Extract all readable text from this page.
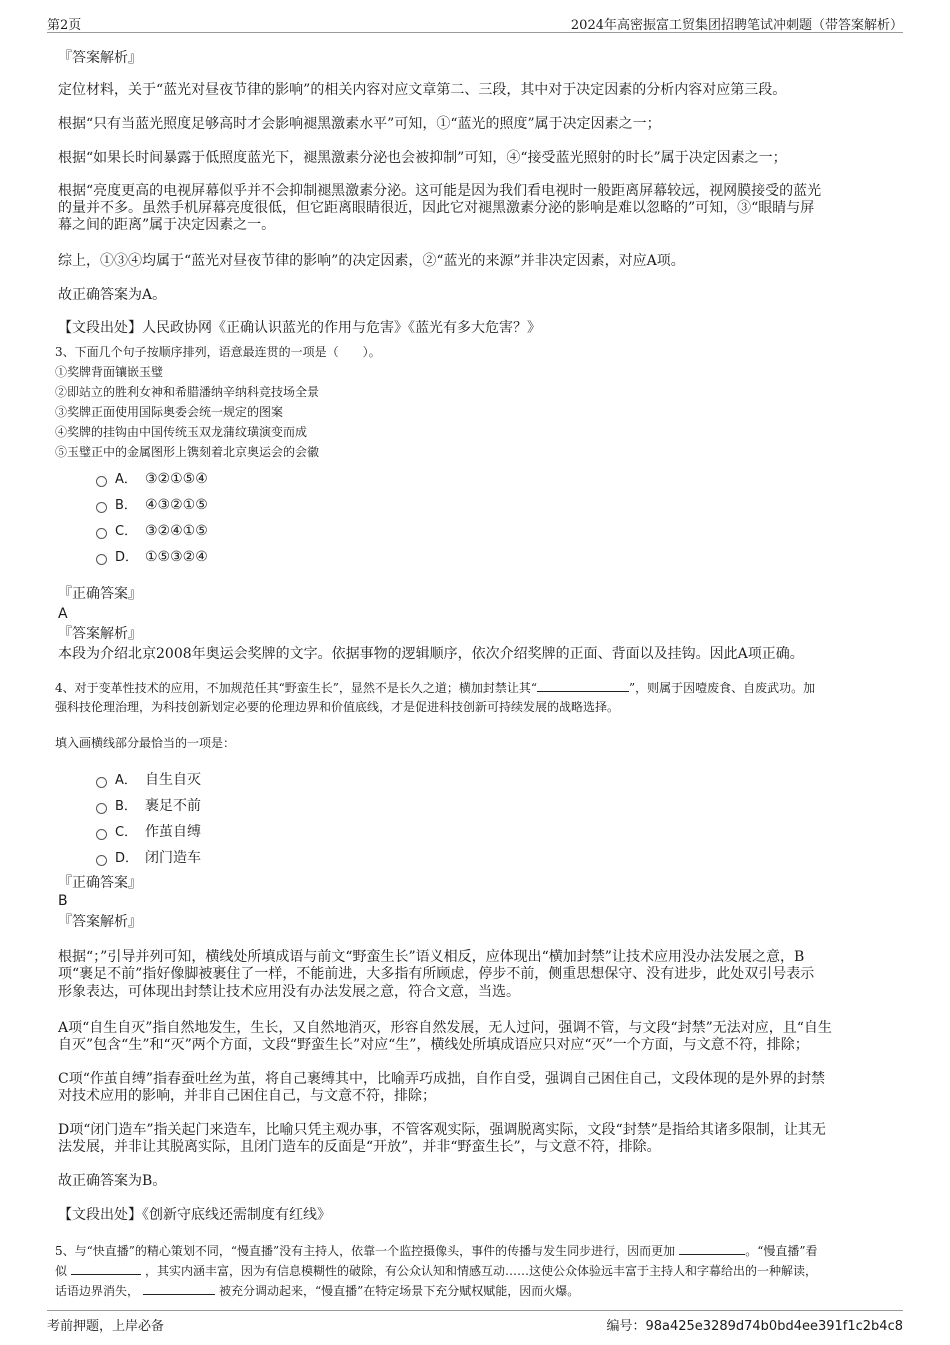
第2页	2024年高密振富工贸集团招聘笔试冲刺题（带答案解析）
『答案解析』
定位材料，关于“蓝光对昼夜节律的影响”的相关内容对应文章第二、三段，其中对于决定因素的分析内容对应第三段。
根据“只有当蓝光照度足够高时才会影响褪黑激素水平”可知，①“蓝光的照度”属于决定因素之一；
根据“如果长时间暴露于低照度蓝光下，褪黑激素分泌也会被抑制”可知，④“接受蓝光照射的时长”属于决定因素之一；
根据“亮度更高的电视屏幕似乎并不会抑制褪黑激素分泌。这可能是因为我们看电视时一般距离屏幕较远，视网膜接受的蓝光
的量并不多。虽然手机屏幕亮度很低，但它距离眼睛很近，因此它对褪黑激素分泌的影响是难以忽略的”可知，③“眼睛与屏
幕之间的距离”属于决定因素之一。
综上，①③④均属于“蓝光对昼夜节律的影响”的决定因素，②“蓝光的来源”并非决定因素，对应A项。
故正确答案为A。
【文段出处】人民政协网《正确认识蓝光的作用与危害》《蓝光有多大危害？》
3、下面几个句子按顺序排列，语意最连贯的一项是（　　）。
①奖牌背面镶嵌玉璧
②即站立的胜利女神和希腊潘纳辛纳科竞技场全景
③奖牌正面使用国际奥委会统一规定的图案
④奖牌的挂钩由中国传统玉双龙蒲纹璜演变而成
⑤玉璧正中的金属图形上镌刻着北京奥运会的会徽
A． ③②①⑤④
B． ④③②①⑤
C． ③②④①⑤
D． ①⑤③②④
『正确答案』
A
『答案解析』
本段为介绍北京2008年奥运会奖牌的文字。依据事物的逻辑顺序，依次介绍奖牌的正面、背面以及挂钩。因此A项正确。
4、对于变革性技术的应用，不加规范任其“野蛮生长”，显然不是长久之道；横加封禁让其“	”，则属于因噎废食、自废武功。加
强科技伦理治理，为科技创新划定必要的伦理边界和价值底线，才是促进科技创新可持续发展的战略选择。
填入画横线部分最恰当的一项是：
A． 自生自灭
B． 裹足不前
C． 作茧自缚
D． 闭门造车
『正确答案』
B
『答案解析』
根据“；”引导并列可知，横线处所填成语与前文“野蛮生长”语义相反，应体现出“横加封禁”让技术应用没办法发展之意，B
项“裹足不前”指好像脚被裹住了一样，不能前进，大多指有所顾虑，停步不前，侧重思想保守、没有进步，此处双引号表示
形象表达，可体现出封禁让技术应用没有办法发展之意，符合文意，当选。
A项“自生自灭”指自然地发生，生长，又自然地消灭，形容自然发展，无人过问，强调不管，与文段“封禁”无法对应，且“自生
自灭”包含“生”和“灭”两个方面，文段“野蛮生长”对应“生”，横线处所填成语应只对应“灭”一个方面，与文意不符，排除；
C项“作茧自缚”指春蚕吐丝为茧，将自己裹缚其中，比喻弄巧成拙，自作自受，强调自己困住自己，文段体现的是外界的封禁
对技术应用的影响，并非自己困住自己，与文意不符，排除；
D项“闭门造车”指关起门来造车，比喻只凭主观办事，不管客观实际，强调脱离实际，文段“封禁”是指给其诸多限制，让其无
法发展，并非让其脱离实际，且闭门造车的反面是“开放”，并非“野蛮生长”，与文意不符，排除。
故正确答案为B。
【文段出处】《创新守底线还需制度有红线》
5、与“快直播”的精心策划不同，“慢直播”没有主持人，依靠一个监控摄像头，事件的传播与发生同步进行，因而更加	。“慢直播”看
似	，其实内涵丰富，因为有信息模糊性的破除，有公众认知和情感互动……这使公众体验远丰富于主持人和字幕给出的一种解读，
话语边界消失，	被充分调动起来，“慢直播”在特定场景下充分赋权赋能，因而火爆。
考前押题，上岸必备	编号：98a425e3289d74b0bd4ee391f1c2b4c8
